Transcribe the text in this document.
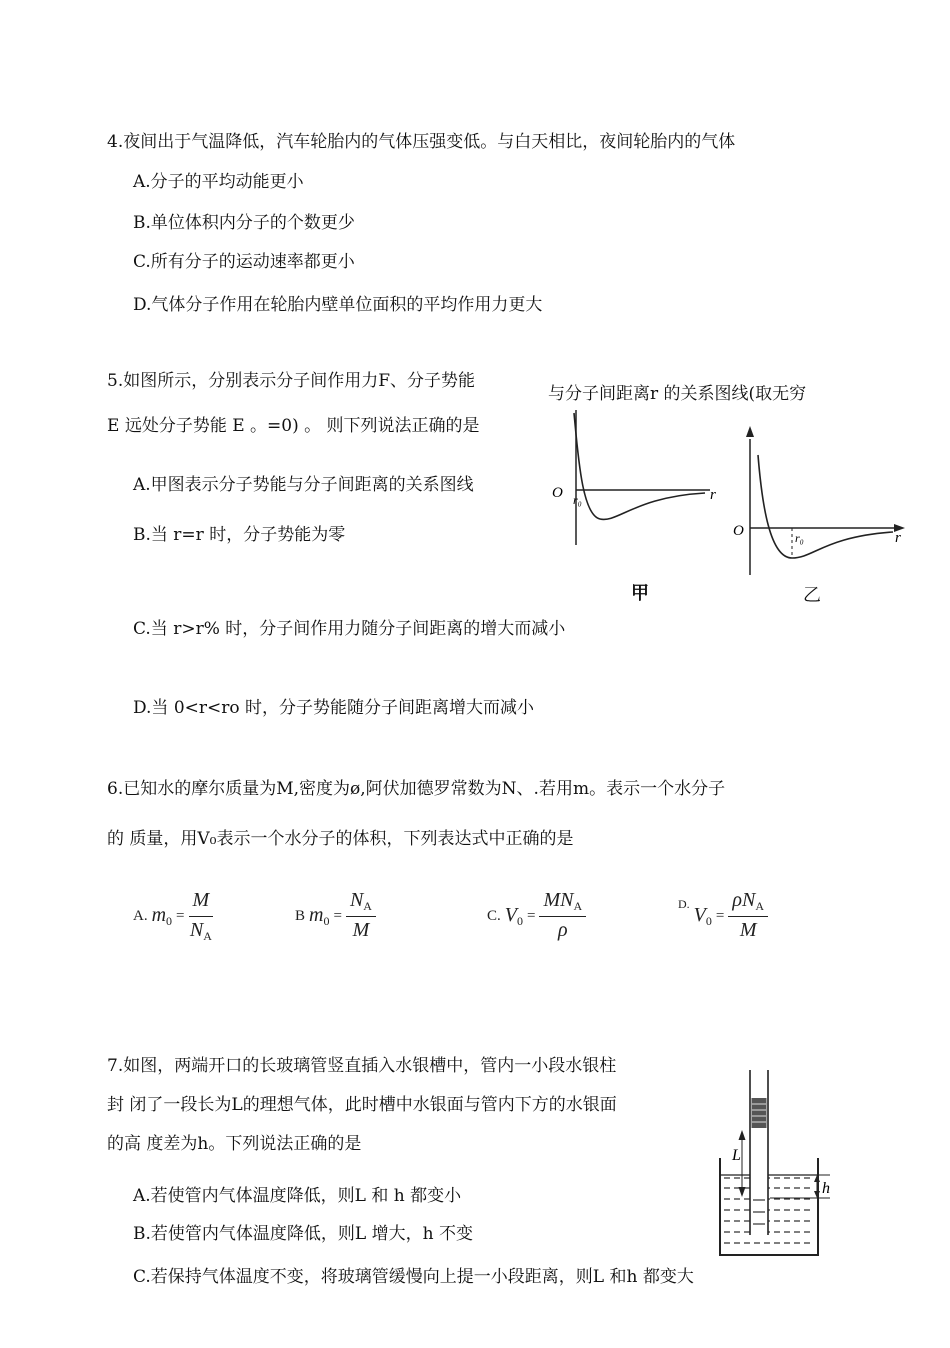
4.夜间出于气温降低，汽车轮胎内的气体压强变低。与白天相比，夜间轮胎内的气体
A.分子的平均动能更小
B.单位体积内分子的个数更少
C.所有分子的运动速率都更小
D.气体分子作用在轮胎内壁单位面积的平均作用力更大
5.如图所示，分别表示分子间作用力F、分子势能
与分子间距离r 的关系图线(取无穷
E 远处分子势能 E 。=0) 。 则下列说法正确的是
A.甲图表示分子势能与分子间距离的关系图线
B.当 r=r 时，分子势能为零
C.当 r>r% 时，分子间作用力随分子间距离的增大而减小
D.当 0<r<ro 时，分子势能随分子间距离增大而减小
O	r
r₀
甲
O	r
r₀
乙
6.已知水的摩尔质量为M,密度为ø,阿伏加德罗常数为N、.若用m。表示一个水分子
的 质量，用V₀表示一个水分子的体积，下列表达式中正确的是
A. $m_0 = \frac{M}{N_A}$	B $m_0 = \frac{N_A}{M}$	C. $V_0 = \frac{MN_A}{\rho}$	$^{D.}$ $V_0 = \frac{\rho N_A}{M}$
7.如图，两端开口的长玻璃管竖直插入水银槽中，管内一小段水银柱
封 闭了一段长为L的理想气体，此时槽中水银面与管内下方的水银面
的高 度差为h。下列说法正确的是
A.若使管内气体温度降低，则L 和 h 都变小
B.若使管内气体温度降低，则L 增大，h 不变
C.若保持气体温度不变，将玻璃管缓慢向上提一小段距离，则L 和h 都变大
L
h
